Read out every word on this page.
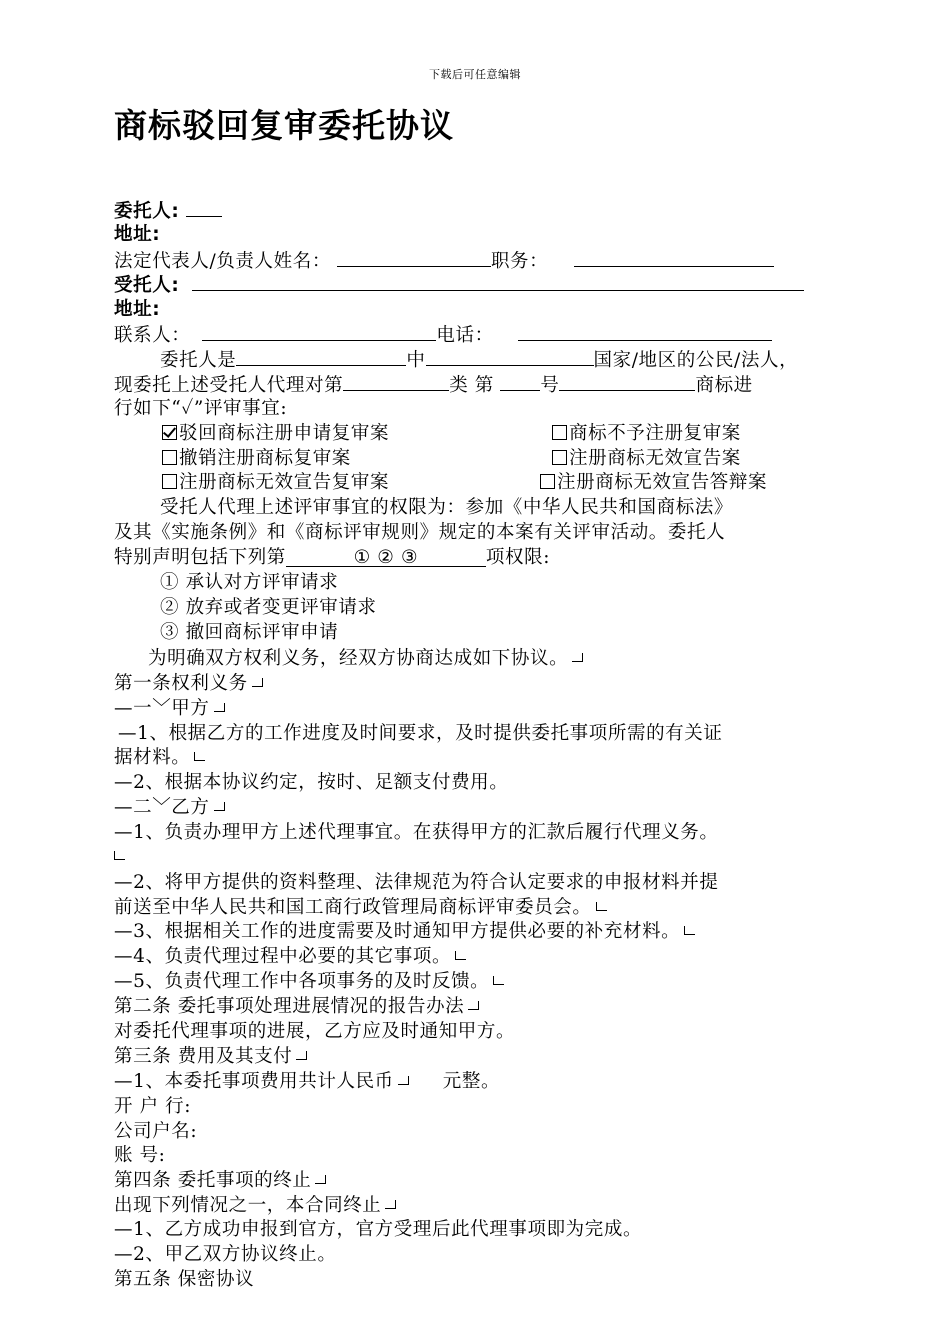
下载后可任意编辑
商标驳回复审委托协议
委托人:
地址:
法定代表人/负责人姓名：	职务：
受托人:
地址:
联系人：	电话：
委托人是	中	国家/地区的公民/法人，
现委托上述受托人代理对第	类 第	号	商标进
行如下“✓”评审事宜:
驳回商标注册申请复审案	商标不予注册复审案
撤销注册商标复审案	注册商标无效宣告案
注册商标无效宣告复审案	注册商标无效宣告答辩案
受托人代理上述评审事宜的权限为：参加《中华人民共和国商标法》
及其《实施条例》和《商标评审规则》规定的本案有关评审活动。委托人
特别声明包括下列第	① ② ③	项权限:
① 承认对方评审请求
② 放弃或者变更评审请求
③ 撤回商标评审申请
为明确双方权利义务，经双方协商达成如下协议。
第一条权利义务
—一﹀甲方
—1、根据乙方的工作进度及时间要求，及时提供委托事项所需的有关证
据材料。
—2、根据本协议约定，按时、足额支付费用。
—二﹀乙方
—1、负责办理甲方上述代理事宜。在获得甲方的汇款后履行代理义务。
—2、将甲方提供的资料整理、法律规范为符合认定要求的申报材料并提
前送至中华人民共和国工商行政管理局商标评审委员会。
—3、根据相关工作的进度需要及时通知甲方提供必要的补充材料。
—4、负责代理过程中必要的其它事项。
—5、负责代理工作中各项事务的及时反馈。
第二条 委托事项处理进展情况的报告办法
对委托代理事项的进展，乙方应及时通知甲方。
第三条 费用及其支付
—1、本委托事项费用共计人民币	元整。
开 户 行:
公司户名:
账 号:
第四条 委托事项的终止
出现下列情况之一，本合同终止
—1、乙方成功申报到官方，官方受理后此代理事项即为完成。
—2、甲乙双方协议终止。
第五条 保密协议
